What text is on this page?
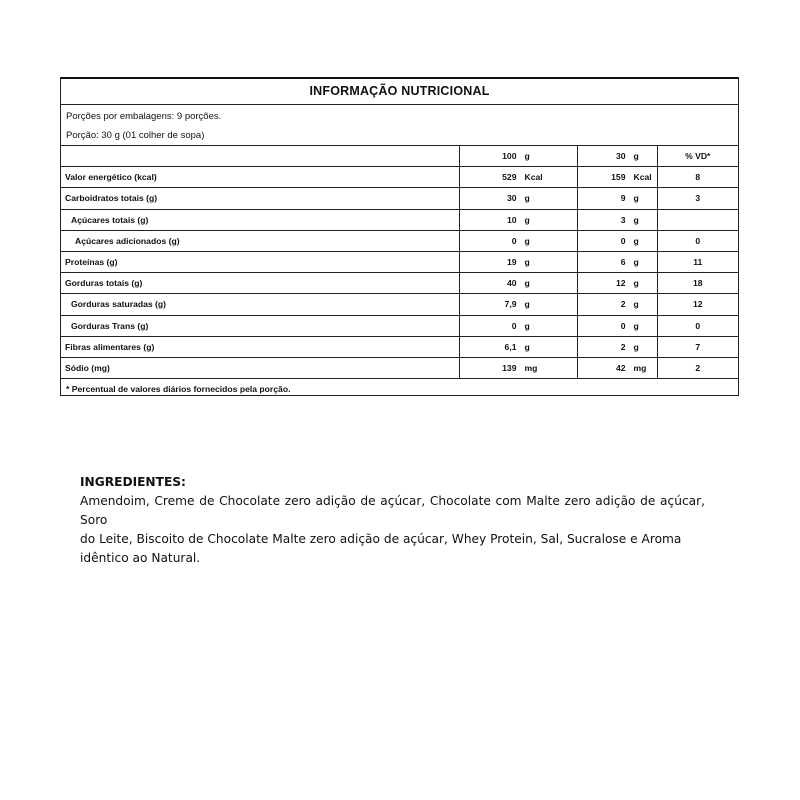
INFORMAÇÃO NUTRICIONAL
Porções por embalagens: 9 porções.
Porção: 30 g (01 colher de sopa)

	100 g	30 g	% VD*
Valor energético (kcal)	529 Kcal	159 Kcal	8
Carboidratos totais (g)	30 g	9 g	3
Açúcares totais (g)	10 g	3 g	

Açúcares adicionados (g)	0 g	0 g	0
Proteínas (g)	19 g	6 g	11
Gorduras totais (g)	40 g	12 g	18
Gorduras saturadas (g)	7,9 g	2 g	12
Gorduras Trans (g)	0 g	0 g	0
Fibras alimentares (g)	6,1 g	2 g	7
Sódio (mg)	139 mg	42 mg	2
* Percentual de valores diários fornecidos pela porção.
INGREDIENTES:
Amendoim, Creme de Chocolate zero adição de açúcar, Chocolate com Malte zero adição de açúcar,
Soro
do Leite, Biscoito de Chocolate Malte zero adição de açúcar, Whey Protein, Sal, Sucralose e Aroma
idêntico ao Natural.
